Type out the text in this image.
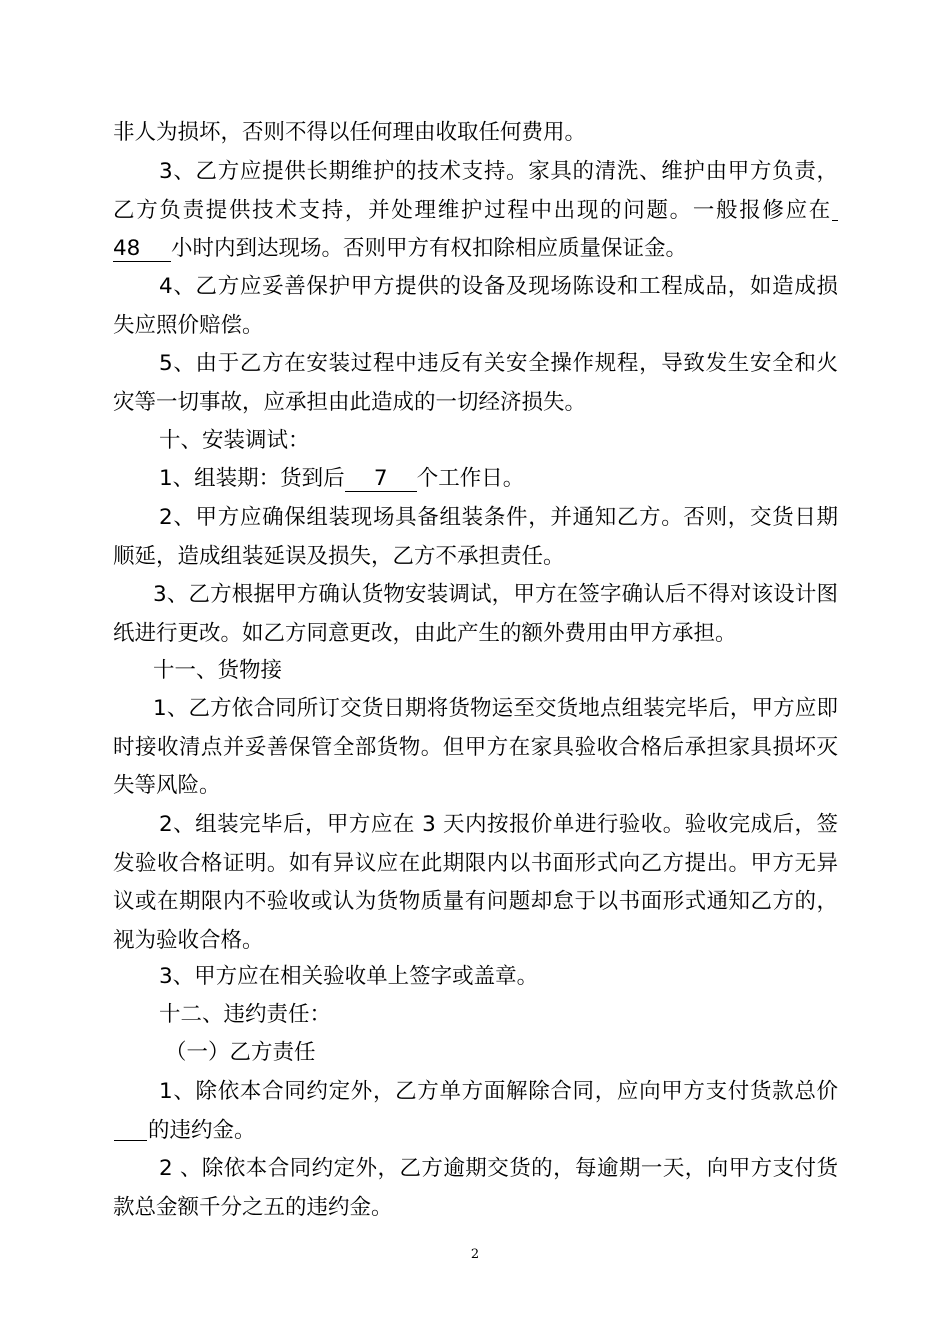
非人为损坏，否则不得以任何理由收取任何费用。

3、乙方应提供长期维护的技术支持。家具的清洗、维护由甲方负责，乙方负责提供技术支持，并处理维护过程中出现的问题。一般报修应在48 小时内到达现场。否则甲方有权扣除相应质量保证金。

4、乙方应妥善保护甲方提供的设备及现场陈设和工程成品，如造成损失应照价赔偿。

5、由于乙方在安装过程中违反有关安全操作规程，导致发生安全和火灾等一切事故，应承担由此造成的一切经济损失。

十、安装调试：

1、组装期：货到后 7 个工作日。

2、甲方应确保组装现场具备组装条件，并通知乙方。否则，交货日期顺延，造成组装延误及损失，乙方不承担责任。

3、乙方根据甲方确认货物安装调试，甲方在签字确认后不得对该设计图纸进行更改。如乙方同意更改，由此产生的额外费用由甲方承担。

十一、货物接

1、乙方依合同所订交货日期将货物运至交货地点组装完毕后，甲方应即时接收清点并妥善保管全部货物。但甲方在家具验收合格后承担家具损坏灭失等风险。

2、组装完毕后，甲方应在 3 天内按报价单进行验收。验收完成后，签发验收合格证明。如有异议应在此期限内以书面形式向乙方提出。甲方无异议或在期限内不验收或认为货物质量有问题却怠于以书面形式通知乙方的，视为验收合格。

3、甲方应在相关验收单上签字或盖章。

十二、违约责任：

（一）乙方责任

1、除依本合同约定外，乙方单方面解除合同，应向甲方支付货款总价的违约金。

2 、除依本合同约定外，乙方逾期交货的，每逾期一天，向甲方支付货款总金额千分之五的违约金。

2
